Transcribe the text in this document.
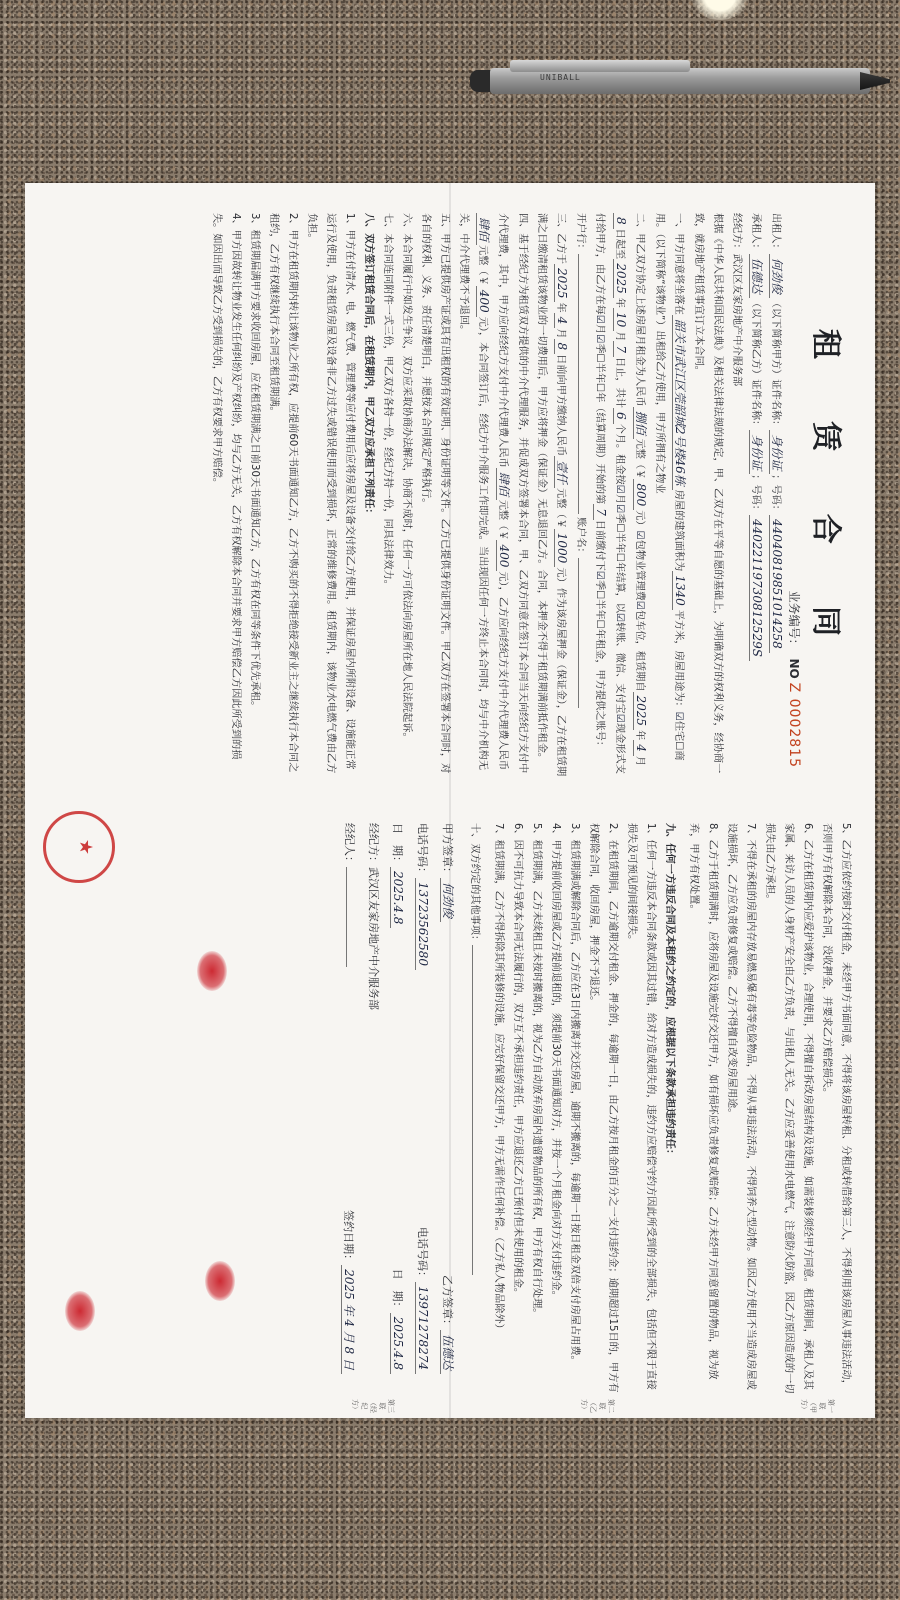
UNIBALL
租 赁 合 同
业务编号： NO Z 0002815
出租人：何劲俊（以下简称甲方）证件名称：身份证；号码：44040819851014258
承租人：伍德达（以下简称乙方）证件名称：身份证；号码：44022119730812529S
经纪方：武汉区友家房地产中介服务部
根据《中华人民共和国民法典》及相关法律法规的规定，甲、乙双方在平等自愿的基础上，为明确双方的权利义务，经协商一致，就房地产租赁事宜订立本合同。
一、甲方同意将坐落在韶关市武江区莞韶城2号楼46栋房屋的建筑面积为1340平方米，房屋用途为：☑住宅☐商用。（以下简称“该物业”）出租给乙方使用，甲方所拥有之物业
二、甲乙双方协定上述房屋月租金为人民币捌佰元整（￥800元）☑包物业管理费☑包车位，租赁期自2025年4月8日起至2025年10月7日止，共计6个月。租金按☑月☑季☐半年☐年结算，以☑转账、微信、支付宝☑现金形式支付给甲方，由乙方在每☑月☑季☐半年☐年（结算周期）开始的第7日前缴付下☑季☐半年☐年租金，甲方提供之账号：
开户行： 账户名：
三、乙方于2025年4月8日前向甲方缴纳人民币壹仟元整（￥1000元）作为该房屋押金（保证金），乙方在租赁期满之日缴清租赁该物业的一切费用后，甲方应将押金（保证金）无息退回乙方。合同，本押金不得于租赁期满前抵作租金。
四、基于经纪方为租赁双方提供的中介代理服务，并促成双方签署本合同，甲、乙双方同意在签订本合同当天向经纪方支付中介代理费，其中，甲方应向经纪方支付中介代理费人民币肆佰元整（￥400元），乙方应向经纪方支付中介代理费人民币肆佰元整（￥400元），本合同签订后，经纪方中介服务工作即完成。当出现因任何一方终止本合同时，均与中介机构无关，中介代理费不予退回。
五、甲方已提供房产证或具有出租权的有效证明、身份证明等文件。乙方已提供身份证明文件。甲乙双方在签署本合同时，对各自的权利、义务、责任清楚明白，并愿按本合同规定严格执行。
六、本合同履行中如发生争议，双方应采取协商办法解决，协商不成时，任何一方可依法向房屋所在地人民法院起诉。
七、本合同连同附件一式三份，甲乙双方各持一份，经纪方持一份，同具法律效力。
八、双方签订租赁合同后，在租赁期内，甲乙双方应承担下列责任：
1、甲方在付清水、电、燃气费、管理费等应付费用后应将房屋及设备交付给乙方使用，并保证房屋内所附设备、设施能正常运行及使用，负责租赁房屋及设备非乙方过失或错误使用而受到损坏，正常的维修费用。租赁期内，该物业水电燃气费由乙方负担。
2、甲方在租赁期内转让该物业之所有权，应提前60天书面通知乙方，乙方不购买的不得拒绝接受新业主之继续执行本合同之租约，乙方有权继续执行本合同至租赁期满。
3、租赁期届满甲方要求收回房屋，应在租赁期满之日前30天书面通知乙方，乙方有权在同等条件下优先承租。
4、甲方因故转让物业发生任何纠纷及产权纠纷，均与乙方无关，乙方有权解除本合同并要求甲方赔偿乙方因此所受到的损失。如因出而导致乙方受到损失的，乙方有权要求甲方赔偿。
5、乙方应依约按时交付租金，未经甲方书面同意，不得将该房屋转租、分租或转借给第三人，不得利用该房屋从事违法活动，否则甲方有权解除本合同，没收押金，并要求乙方赔偿损失。
6、乙方在租赁期内应爱护该物业，合理使用，不得擅自拆改房屋结构及设施，如需装修须经甲方同意。租赁期间，承租人及其家属、来访人员的人身财产安全由乙方负责，与出租人无关。乙方应妥善使用水电燃气，注意防火防盗，因乙方原因造成的一切损失由乙方承担。
7、不得在承租的房屋内存放易燃易爆有毒等危险物品，不得从事违法活动，不得饲养大型动物。如因乙方使用不当造成房屋或设施损坏，乙方应负责修复或赔偿。乙方不得擅自改变房屋用途。
8、乙方于租赁期满时，应将房屋及设施完好交还甲方，如有损坏应负责修复或赔偿；乙方未经甲方同意留置的物品，视为放弃，甲方有权处置。
九、任何一方违反合同及本租约之约定的，应根据以下条款承担违约责任：
1、任何一方违反本合同条款或因其过错，给对方造成损失的，违约方应赔偿守约方因此所受到的全部损失，包括但不限于直接损失及可预见的间接损失。
2、在租赁期间，乙方逾期交付租金、押金的，每逾期一日，由乙方按月租金的百分之一支付违约金；逾期超过15日的，甲方有权解除合同，收回房屋，押金不予退还。
3、租赁期满或解除合同后，乙方应在3日内搬离并交还房屋，逾期不搬离的，每逾期一日按日租金双倍支付房屋占用费。
4、甲方提前收回房屋或乙方提前退租的，须提前30天书面通知对方，并按一个月租金向对方支付违约金。
5、租赁期满，乙方未续租且未按时搬离的，视为乙方自动放弃房屋内遗留物品的所有权，甲方有权自行处理。
6、因不可抗力导致本合同无法履行的，双方互不承担违约责任，甲方应退还乙方已预付但未使用的租金。
7、租赁期满，乙方不得拆除其所装修的设施，应完好保留交还甲方，甲方无需作任何补偿。（乙方私人物品除外）
十、双方约定的其他事项：
甲方签章：何劲俊
乙方签章：伍德达
电话号码：13723562580
电话号码：13971278274
日　期：2025.4.8
日　期：2025.4.8
经纪方：武汉区友家房地产中介服务部
经纪人：
签约日期：2025 年 4 月 8 日
★
第一联（甲方）
第二联（乙方）
第三联（经纪方）
